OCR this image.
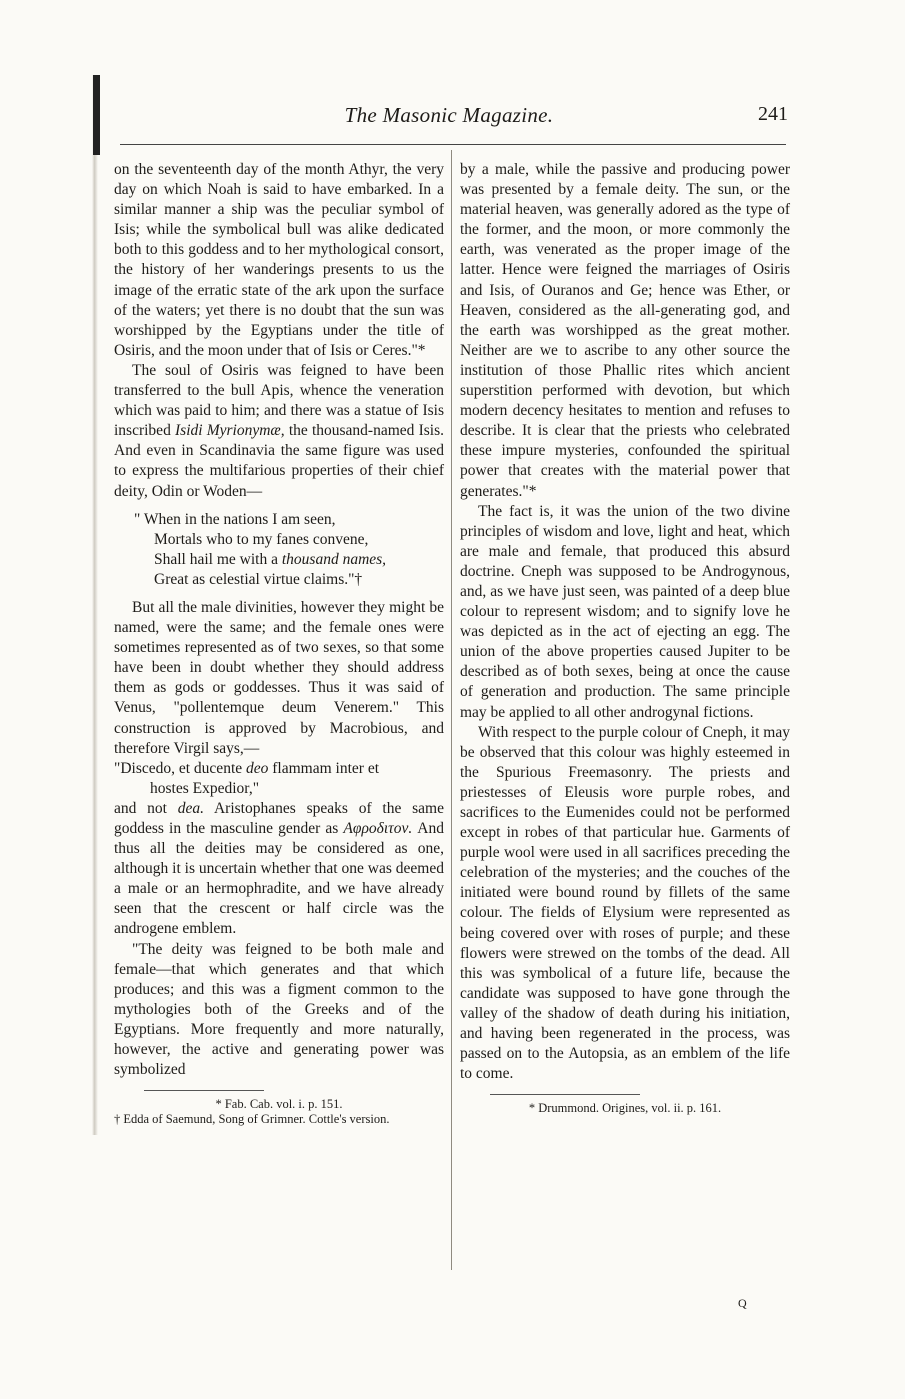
The Masonic Magazine.	241

on the seventeenth day of the month Athyr, the very day on which Noah is said to have embarked. In a similar manner a ship was the peculiar symbol of Isis; while the symbolical bull was alike dedicated both to this goddess and to her mythological consort, the history of her wanderings presents to us the image of the erratic state of the ark upon the surface of the waters; yet there is no doubt that the sun was worshipped by the Egyptians under the title of Osiris, and the moon under that of Isis or Ceres."*

The soul of Osiris was feigned to have been transferred to the bull Apis, whence the veneration which was paid to him; and there was a statue of Isis inscribed Isidi Myrionymæ, the thousand-named Isis. And even in Scandinavia the same figure was used to express the multifarious properties of their chief deity, Odin or Woden—

" When in the nations I am seen,
Mortals who to my fanes convene,
Shall hail me with a thousand names,
Great as celestial virtue claims."†

But all the male divinities, however they might be named, were the same; and the female ones were sometimes represented as of two sexes, so that some have been in doubt whether they should address them as gods or goddesses. Thus it was said of Venus, "pollentemque deum Venerem." This construction is approved by Macrobious, and therefore Virgil says,—

"Discedo, et ducente deo flammam inter et
hostes Expedior,"

and not dea. Aristophanes speaks of the same goddess in the masculine gender as Αφροδιτον. And thus all the deities may be considered as one, although it is uncertain whether that one was deemed a male or an hermophradite, and we have already seen that the crescent or half circle was the androgene emblem.

"The deity was feigned to be both male and female—that which generates and that which produces; and this was a figment common to the mythologies both of the Greeks and of the Egyptians. More frequently and more naturally, however, the active and generating power was symbolized

* Fab. Cab. vol. i. p. 151.

† Edda of Saemund, Song of Grimner. Cottle's version.

by a male, while the passive and producing power was presented by a female deity. The sun, or the material heaven, was generally adored as the type of the former, and the moon, or more commonly the earth, was venerated as the proper image of the latter. Hence were feigned the marriages of Osiris and Isis, of Ouranos and Ge; hence was Ether, or Heaven, considered as the all-generating god, and the earth was worshipped as the great mother. Neither are we to ascribe to any other source the institution of those Phallic rites which ancient superstition performed with devotion, but which modern decency hesitates to mention and refuses to describe. It is clear that the priests who celebrated these impure mysteries, confounded the spiritual power that creates with the material power that generates."*

The fact is, it was the union of the two divine principles of wisdom and love, light and heat, which are male and female, that produced this absurd doctrine. Cneph was supposed to be Androgynous, and, as we have just seen, was painted of a deep blue colour to represent wisdom; and to signify love he was depicted as in the act of ejecting an egg. The union of the above properties caused Jupiter to be described as of both sexes, being at once the cause of generation and production. The same principle may be applied to all other androgynal fictions.

With respect to the purple colour of Cneph, it may be observed that this colour was highly esteemed in the Spurious Freemasonry. The priests and priestesses of Eleusis wore purple robes, and sacrifices to the Eumenides could not be performed except in robes of that particular hue. Garments of purple wool were used in all sacrifices preceding the celebration of the mysteries; and the couches of the initiated were bound round by fillets of the same colour. The fields of Elysium were represented as being covered over with roses of purple; and these flowers were strewed on the tombs of the dead. All this was symbolical of a future life, because the candidate was supposed to have gone through the valley of the shadow of death during his initiation, and having been regenerated in the process, was passed on to the Autopsia, as an emblem of the life to come.

* Drummond. Origines, vol. ii. p. 161.

Q
